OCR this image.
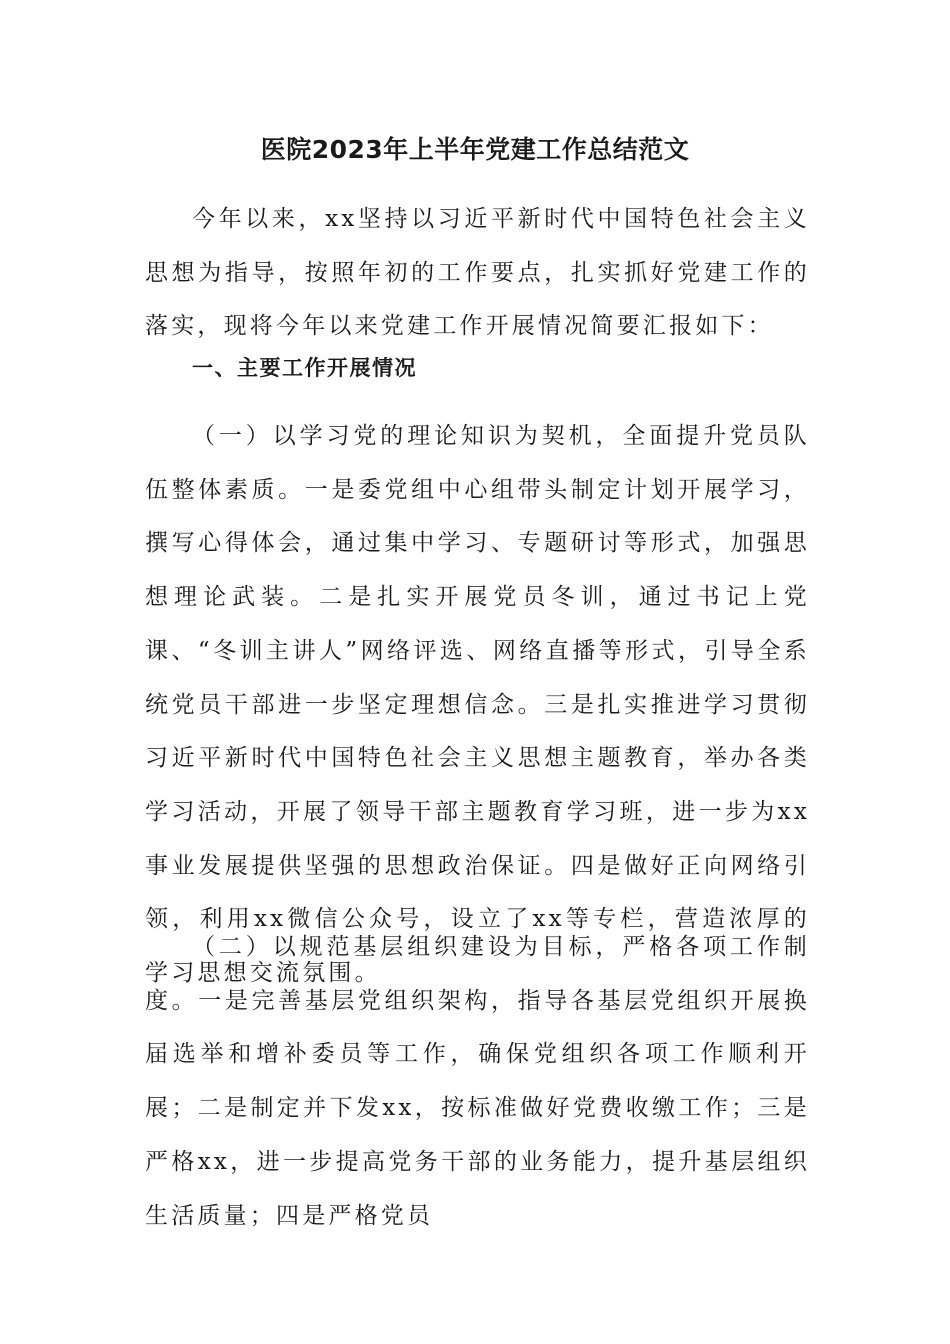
医院2023年上半年党建工作总结范文

今年以来，xx坚持以习近平新时代中国特色社会主义思想为指导，按照年初的工作要点，扎实抓好党建工作的落实，现将今年以来党建工作开展情况简要汇报如下：

一、主要工作开展情况

（一）以学习党的理论知识为契机，全面提升党员队伍整体素质。一是委党组中心组带头制定计划开展学习，撰写心得体会，通过集中学习、专题研讨等形式，加强思想理论武装。二是扎实开展党员冬训，通过书记上党课、“冬训主讲人”网络评选、网络直播等形式，引导全系统党员干部进一步坚定理想信念。三是扎实推进学习贯彻习近平新时代中国特色社会主义思想主题教育，举办各类学习活动，开展了领导干部主题教育学习班，进一步为xx事业发展提供坚强的思想政治保证。四是做好正向网络引领，利用xx微信公众号，设立了xx等专栏，营造浓厚的学习思想交流氛围。

（二）以规范基层组织建设为目标，严格各项工作制度。一是完善基层党组织架构，指导各基层党组织开展换届选举和增补委员等工作，确保党组织各项工作顺利开展；二是制定并下发xx，按标准做好党费收缴工作；三是严格xx，进一步提高党务干部的业务能力，提升基层组织生活质量；四是严格党员
